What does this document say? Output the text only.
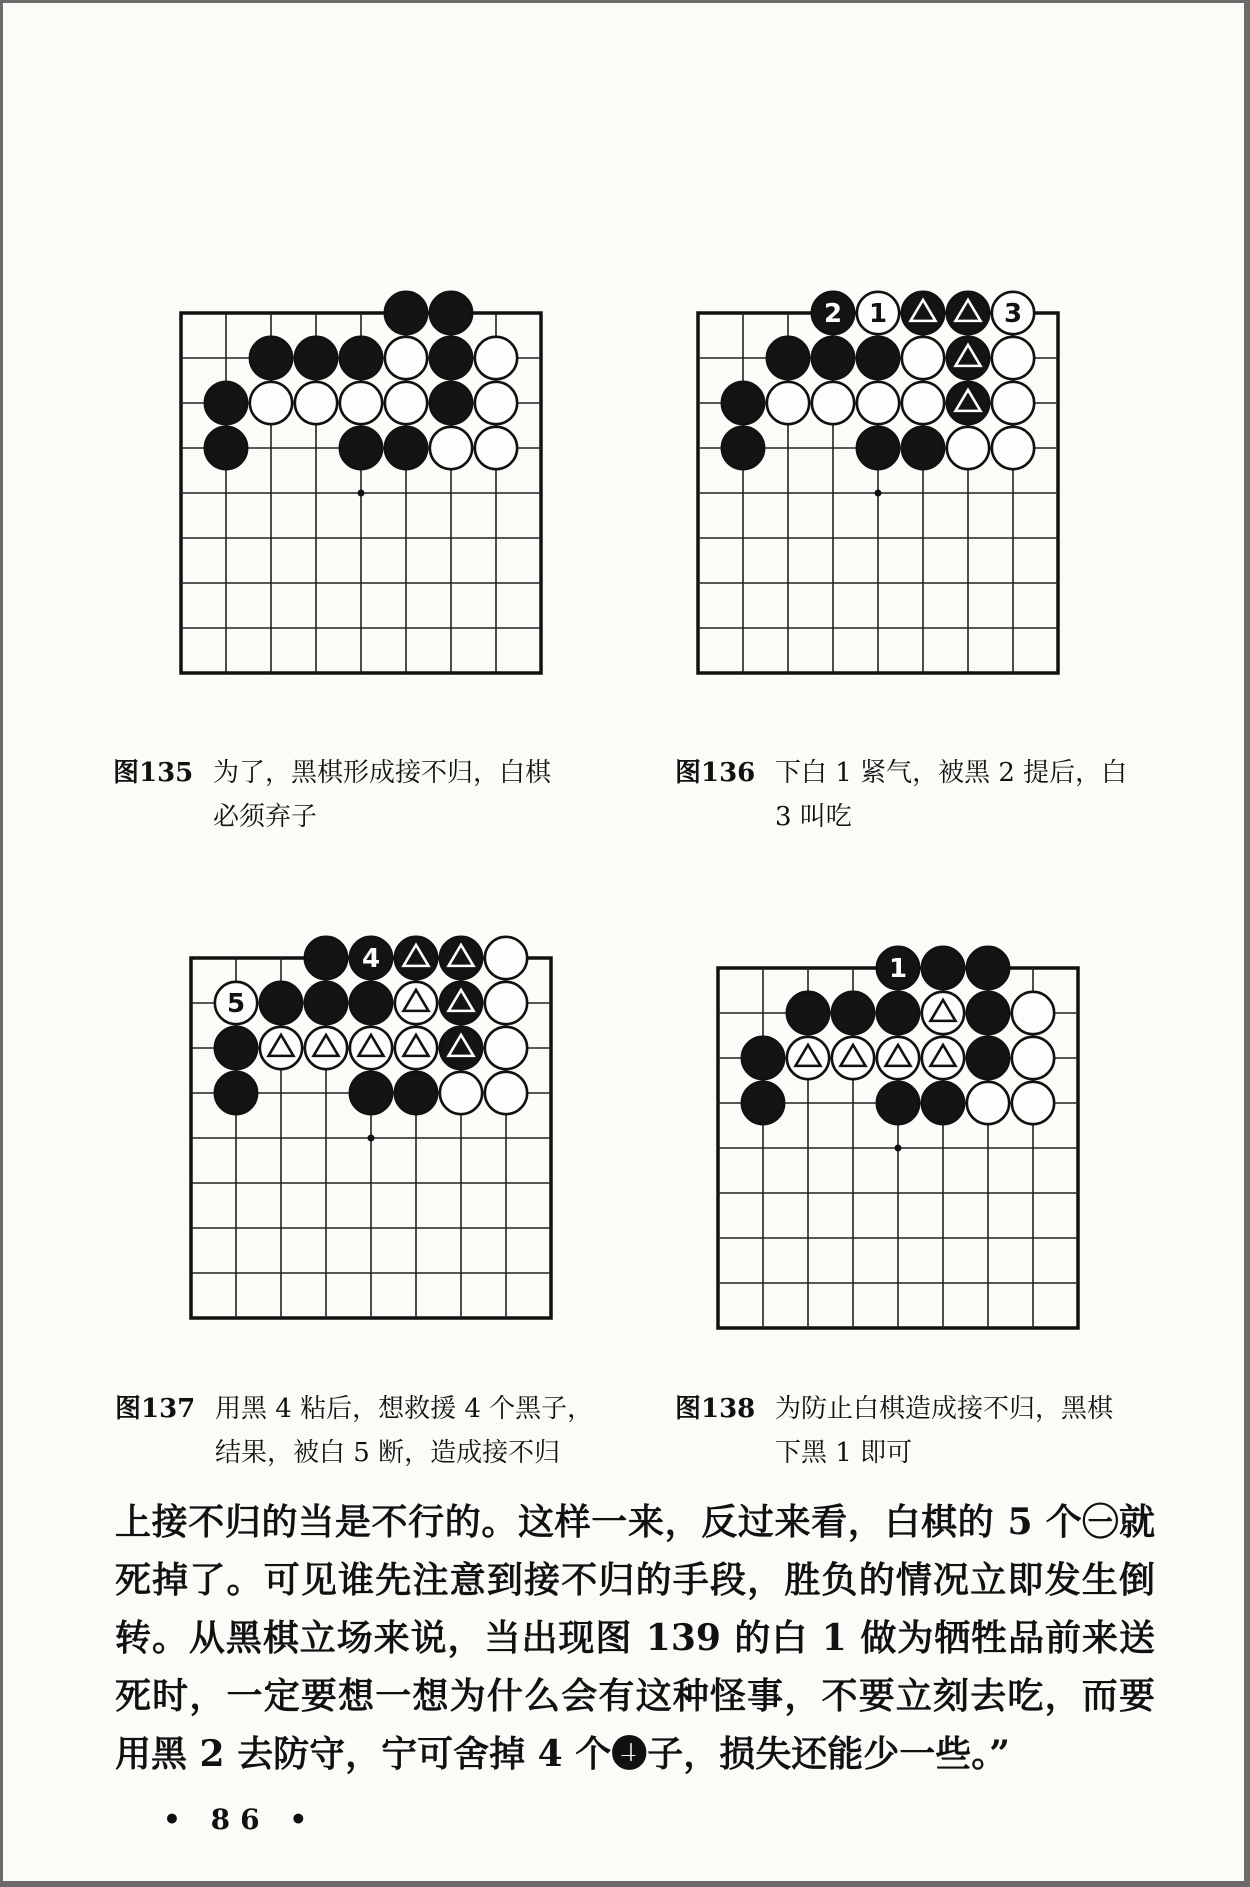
2 1	3
4
5
1
图135 为了，黑棋形成接不归，白棋
必须弃子
图136 下白 1 紧气，被黑 2 提后，白
3 叫吃
图137 用黑 4 粘后，想救援 4 个黑子，
结果，被白 5 断，造成接不归
图138 为防止白棋造成接不归，黑棋
下黑 1 即可

上接不归的当是不行的。这样一来，反过来看，白棋的 5 个㊀就死掉了。可见谁先注意到接不归的手段，胜负的情况立即发生倒转。从黑棋立场来说，当出现图 139 的白 1 做为牺牲品前来送死时，一定要想一想为什么会有这种怪事，不要立刻去吃，而要用黑 2 去防守，宁可舍掉 4 个❹子，损失还能少一些。”

• 86 •
